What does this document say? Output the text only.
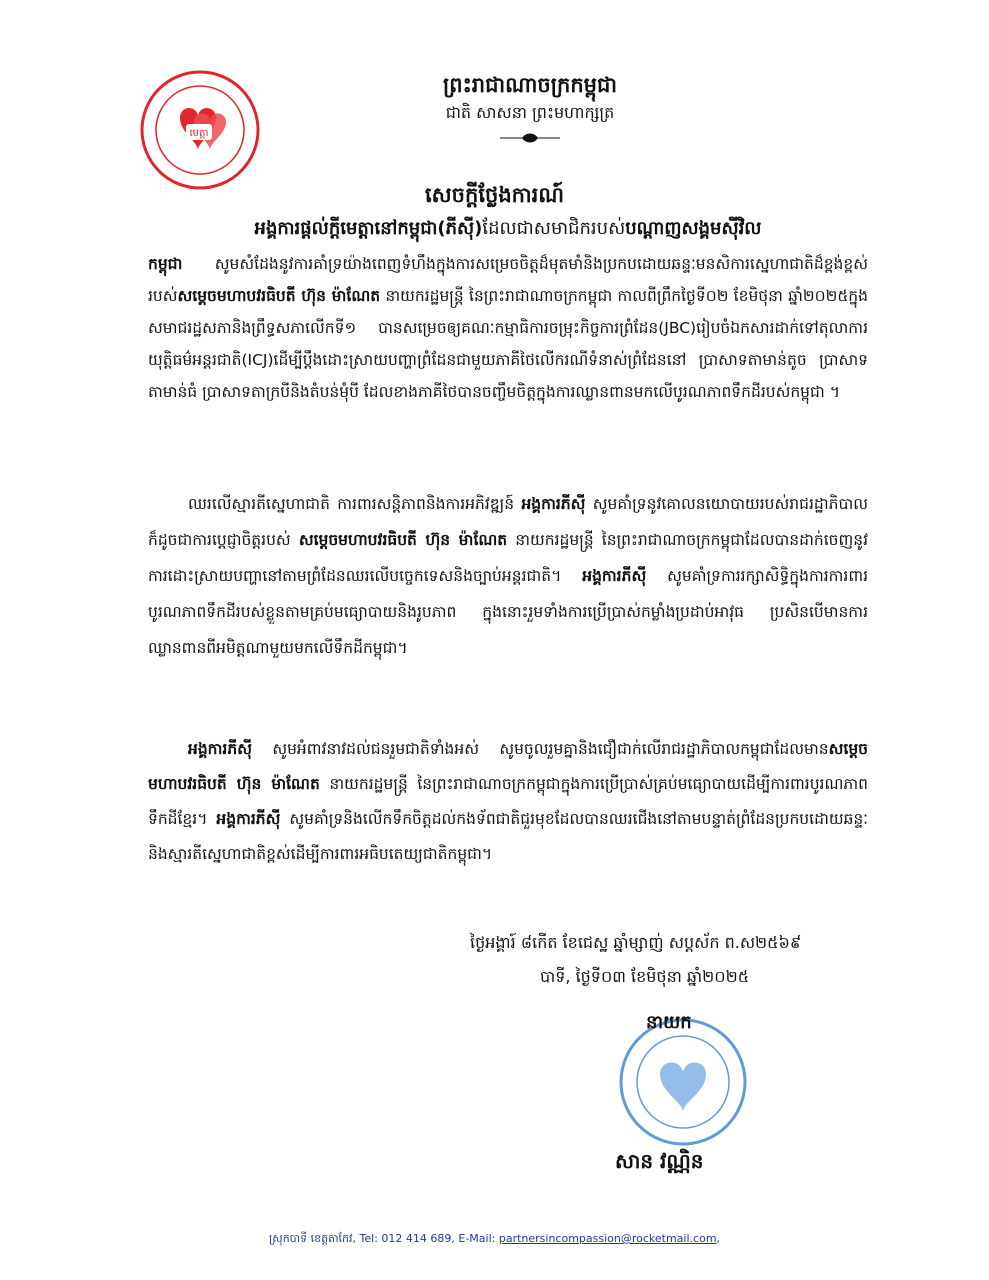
មេត្តា
ព្រះរាជាណាចក្រកម្ពុជា
ជាតិ សាសនា ព្រះមហាក្សត្រ
សេចក្តីថ្លែងការណ៍
អង្គការផ្តល់ក្តីមេត្តានៅកម្ពុជា(ភីស៊ី)ដែលជាសមាជិករបស់បណ្តាញសង្គមស៊ីវិល
កម្ពុជា សូមសំដែងនូវការគាំទ្រយ៉ាងពេញទំហឹងក្នុងការសម្រេចចិត្តដ៏មុតមាំនិងប្រកបដោយឆន្ទៈមនសិការស្នេហាជាតិដ៏ខ្ពង់ខ្ពស់របស់សម្តេចមហាបវរធិបតី ហ៊ុន ម៉ាណែត នាយករដ្ឋមន្ត្រី នៃព្រះរាជាណាចក្រកម្ពុជា កាលពីព្រឹកថ្ងៃទី០២ ខែមិថុនា ឆ្នាំ២០២៥ក្នុងសមាជរដ្ឋសភានិងព្រឹទ្ធសភាលើកទី១ បានសម្រេចឲ្យគណៈកម្មាធិការចម្រុះកិច្ចការព្រំដែន(JBC)រៀបចំឯកសារដាក់ទៅតុលាការយុត្តិធម៌អន្តរជាតិ(ICJ)ដើម្បីប្តឹងដោះស្រាយបញ្ហាព្រំដែនជាមួយភាគីថៃលើករណីទំនាស់ព្រំដែននៅ ប្រាសាទតាមាន់តូច ប្រាសាទតាមាន់ធំ ប្រាសាទតាក្របីនិងតំបន់មុំបី ដែលខាងភាគីថៃបានចញ្ចឹមចិត្តក្នុងការឈ្លានពានមកលើបូរណភាពទឹកដីរបស់កម្ពុជា ។
ឈរលើស្មារតីស្នេហាជាតិ ការពារសន្តិភាពនិងការអភិវឌ្ឍន៍ អង្គការភីស៊ី សូមគាំទ្រនូវគោលនយោបាយរបស់រាជរដ្ឋាភិបាលក៏ដូចជាការប្តេជ្ញាចិត្តរបស់ សម្តេចមហាបវរធិបតី ហ៊ុន ម៉ាណែត នាយករដ្ឋមន្ត្រី នៃព្រះរាជាណាចក្រកម្ពុជាដែលបានដាក់ចេញនូវការដោះស្រាយបញ្ហានៅតាមព្រំដែនឈរលើបច្ចេកទេសនិងច្បាប់អន្តរជាតិ។ អង្គការភីស៊ី សូមគាំទ្រការរក្សាសិទ្ធិក្នុងការការពារបូរណភាពទឹកដីរបស់ខ្លួនតាមគ្រប់មធ្យោបាយនិងរូបភាព ក្នុងនោះរួមទាំងការប្រើប្រាស់កម្លាំងប្រដាប់អាវុធ ប្រសិនបើមានការឈ្លានពានពីអមិត្តណាមួយមកលើទឹកដីកម្ពុជា។
អង្គការភីស៊ី សូមអំពាវនាវដល់ជនរួមជាតិទាំងអស់ សូមចូលរួមគ្នានិងជឿជាក់លើរាជរដ្ឋាភិបាលកម្ពុជាដែលមានសម្តេចមហាបវរធិបតី ហ៊ុន ម៉ាណែត នាយករដ្ឋមន្ត្រី នៃព្រះរាជាណាចក្រកម្ពុជាក្នុងការប្រើប្រាស់គ្រប់មធ្យោបាយដើម្បីការពារបូរណភាពទឹកដីខ្មែរ។ អង្គការភីស៊ី សូមគាំទ្រនិងលើកទឹកចិត្តដល់កងទ័ពជាតិជួរមុខដែលបានឈរជើងនៅតាមបន្ទាត់ព្រំដែនប្រកបដោយឆន្ទៈនិងស្មារតីស្នេហាជាតិខ្ពស់ដើម្បីការពារអធិបតេយ្យជាតិកម្ពុជា។
ថ្ងៃអង្គារ៍ ៨កើត ខែជេស្ឋ ឆ្នាំម្សាញ់ សប្តស័ក ព.ស២៥៦៩
បាទី, ថ្ងៃទី០៣ ខែមិថុនា ឆ្នាំ២០២៥
នាយក
សាន វណ្ណិន
ស្រុកបាទី ខេត្តតាកែវ, Tel: 012 414 689, E-Mail: partnersincompassion@rocketmail.com,
